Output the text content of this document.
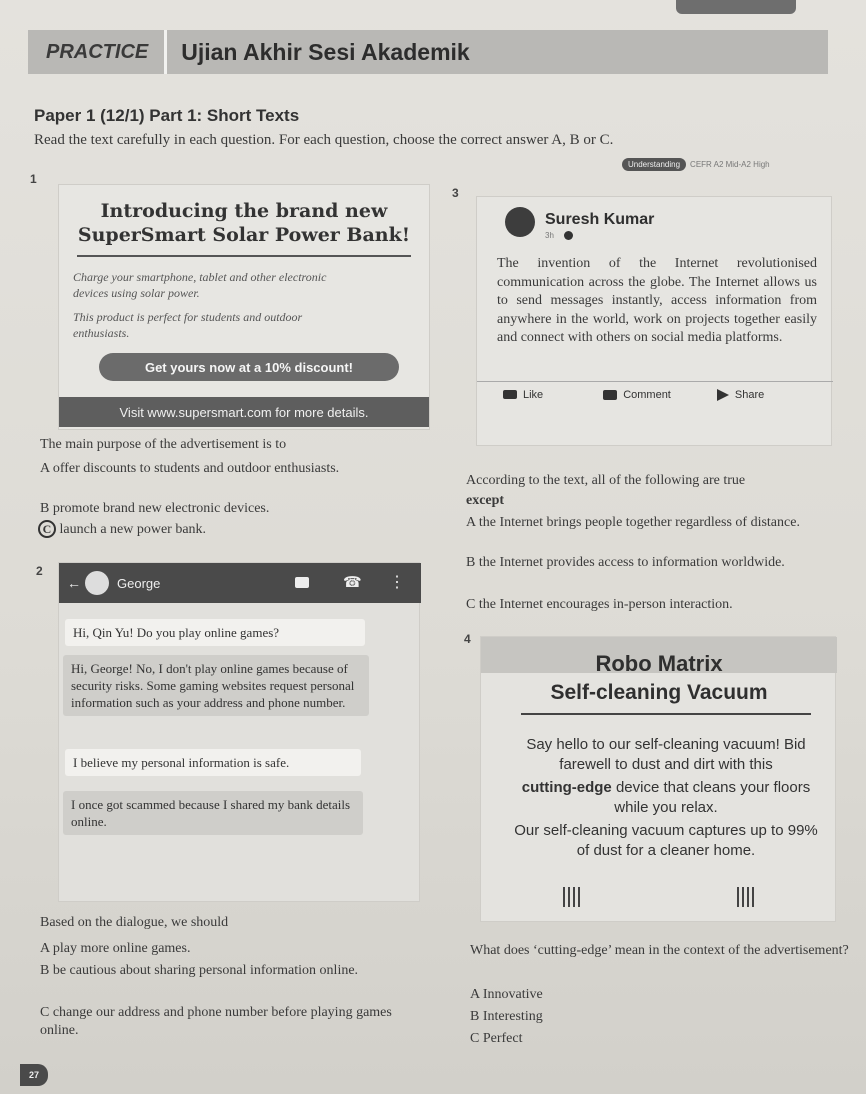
PRACTICE	Ujian Akhir Sesi Akademik
Paper 1 (12/1) Part 1: Short Texts
Read the text carefully in each question. For each question, choose the correct answer A, B or C.
Understanding	CEFR A2 Mid-A2 High
1
Introducing the brand new SuperSmart Solar Power Bank!

Charge your smartphone, tablet and other electronic devices using solar power.

This product is perfect for students and outdoor enthusiasts.

Get yours now at a 10% discount!
Visit www.supersmart.com for more details.
The main purpose of the advertisement is to
A offer discounts to students and outdoor enthusiasts.
B promote brand new electronic devices.
C launch a new power bank.
3
Suresh Kumar
3h
The invention of the Internet revolutionised communication across the globe. The Internet allows us to send messages instantly, access information from anywhere in the world, work on projects together easily and connect with others on social media platforms.
Like	Comment	Share
According to the text, all of the following are true
except
A the Internet brings people together regardless of distance.
B the Internet provides access to information worldwide.
C the Internet encourages in-person interaction.
2
←	George	☎ ⋮
Hi, Qin Yu! Do you play online games?
Hi, George! No, I don't play online games because of security risks. Some gaming websites request personal information such as your address and phone number.
I believe my personal information is safe.
I once got scammed because I shared my bank details online.
Based on the dialogue, we should
A play more online games.
B be cautious about sharing personal information online.
C change our address and phone number before playing games online.
4
Robo Matrix
Self-cleaning Vacuum

Say hello to our self-cleaning vacuum! Bid farewell to dust and dirt with this

cutting-edge device that cleans your floors while you relax.

Our self-cleaning vacuum captures up to 99% of dust for a cleaner home.

What does ‘cutting-edge’ mean in the context of the advertisement?
A Innovative
B Interesting
C Perfect
27
